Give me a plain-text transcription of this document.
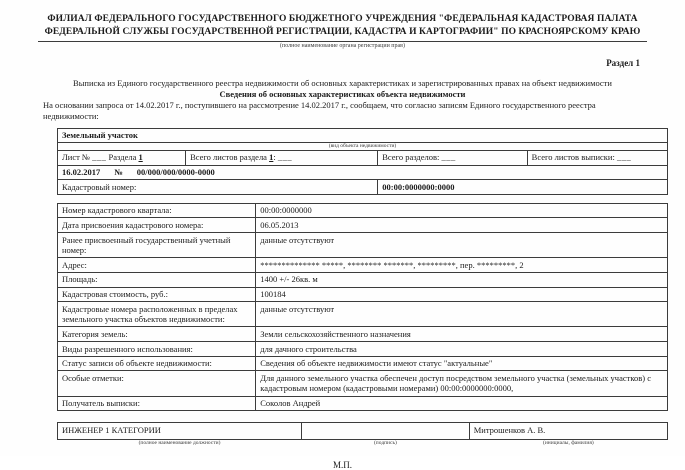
ФИЛИАЛ ФЕДЕРАЛЬНОГО ГОСУДАРСТВЕННОГО БЮДЖЕТНОГО УЧРЕЖДЕНИЯ "ФЕДЕРАЛЬНАЯ КАДАСТРОВАЯ ПАЛАТА ФЕДЕРАЛЬНОЙ СЛУЖБЫ ГОСУДАРСТВЕННОЙ РЕГИСТРАЦИИ, КАДАСТРА И КАРТОГРАФИИ" ПО КРАСНОЯРСКОМУ КРАЮ
(полное наименование органа регистрации прав)
Раздел 1
Выписка из Единого государственного реестра недвижимости об основных характеристиках и зарегистрированных правах на объект недвижимости
Сведения об основных характеристиках объекта недвижимости
На основании запроса от 14.02.2017 г., поступившего на рассмотрение 14.02.2017 г., сообщаем, что согласно записям Единого государственного реестра недвижимости:
Земельный участок			
(вид объекта недвижимости)			
Лист № ___ Раздела 1	Всего листов раздела 1: ___	Всего разделов: ___	Всего листов выписки: ___
16.02.2017 № 00/000/000/0000-0000			
Кадастровый номер:		00:00:0000000:0000	
Номер кадастрового квартала:	00:00:0000000
Дата присвоения кадастрового номера:	06.05.2013
Ранее присвоенный государственный учетный номер:	данные отсутствуют
Адрес:	************** *****, ******** *******, *********, пер. *********, 2
Площадь:	1400 +/- 26кв. м
Кадастровая стоимость, руб.:	100184
Кадастровые номера расположенных в пределах земельного участка объектов недвижимости:	данные отсутствуют
Категория земель:	Земли сельскохозяйственного назначения
Виды разрешенного использования:	для дачного строительства
Статус записи об объекте недвижимости:	Сведения об объекте недвижимости имеют статус "актуальные"
Особые отметки:	Для данного земельного участка обеспечен доступ посредством земельного участка (земельных участков) с кадастровым номером (кадастровыми номерами) 00:00:0000000:0000,
Получатель выписки:	Соколов Андрей
ИНЖЕНЕР 1 КАТЕГОРИИ		Митрошенков А. В.
(полное наименование должности)	(подпись)	(инициалы, фамилия)
М.П.
